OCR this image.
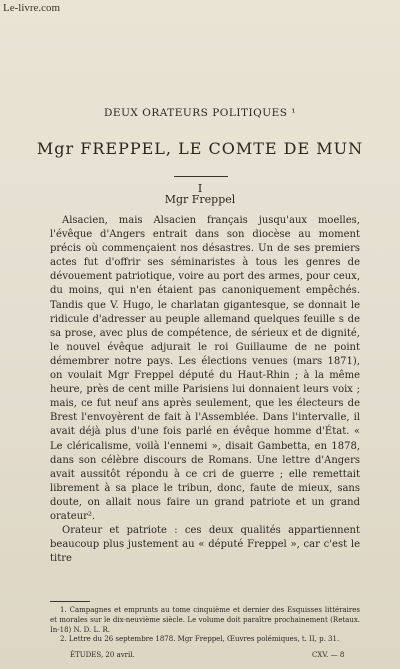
Le-livre.com
DEUX ORATEURS POLITIQUES ¹
Mgr FREPPEL, LE COMTE DE MUN
I
Mgr Freppel

Alsacien, mais Alsacien français jusqu'aux moelles, l'évêque d'Angers entrait dans son diocèse au moment précis où commençaient nos désastres. Un de ses premiers actes fut d'offrir ses séminaristes à tous les genres de dévouement patriotique, voire au port des armes, pour ceux, du moins, qui n'en étaient pas canoniquement empêchés. Tandis que V. Hugo, le charlatan gigantesque, se donnait le ridicule d'adresser au peuple allemand quelques feuille s de sa prose, avec plus de compétence, de sérieux et de dignité, le nouvel évêque adjurait le roi Guillaume de ne point démembrer notre pays. Les élections venues (mars 1871), on voulait Mgr Freppel député du Haut-Rhin ; à la même heure, près de cent mille Parisiens lui donnaient leurs voix ; mais, ce fut neuf ans après seulement, que les électeurs de Brest l'envoyèrent de fait à l'Assemblée. Dans l'intervalle, il avait déjà plus d'une fois parlé en évêque homme d'État. « Le cléricalisme, voilà l'ennemi », disait Gambetta, en 1878, dans son célèbre discours de Romans. Une lettre d'Angers avait aussitôt répondu à ce cri de guerre ; elle remettait librement à sa place le tribun, donc, faute de mieux, sans doute, on allait nous faire un grand patriote et un grand orateur².

Orateur et patriote : ces deux qualités appartiennent beaucoup plus justement au « député Freppel », car c'est le titre

1. Campagnes et emprunts au tome cinquième et dernier des Esquisses littéraires et morales sur le dix-neuvième siècle. Le volume doit paraître prochainement (Retaux. In-18) N. D. L. R.

2. Lettre du 26 septembre 1878. Mgr Freppel, Œuvres polémiques, t. II, p. 31.

ÉTUDES, 20 avril.	CXV. — 8
